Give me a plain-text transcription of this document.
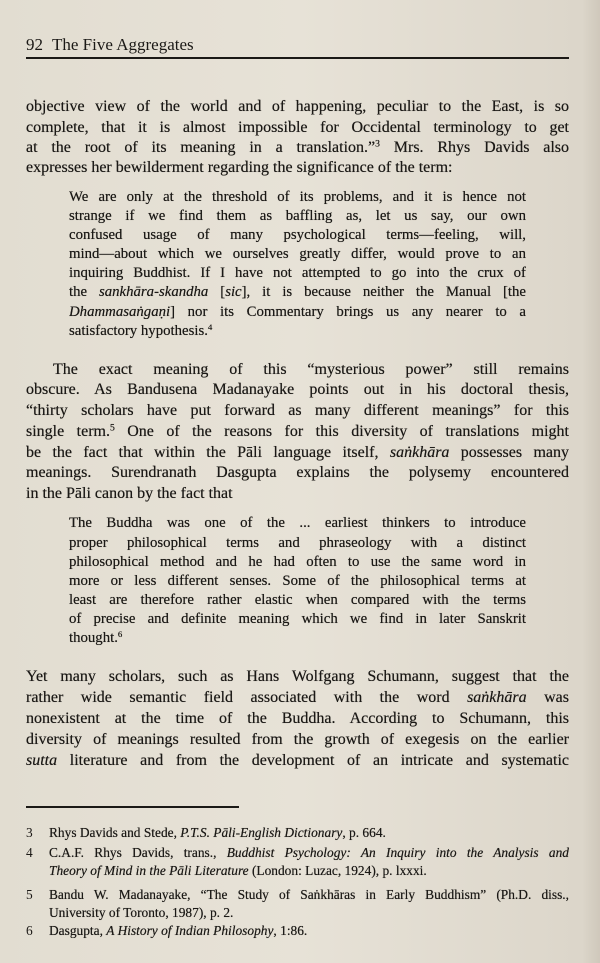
92 The Five Aggregates
objective view of the world and of happening, peculiar to the East, is so
complete, that it is almost impossible for Occidental terminology to get
at the root of its meaning in a translation.”$^3$ Mrs. Rhys Davids also
expresses her bewilderment regarding the significance of the term:
We are only at the threshold of its problems, and it is hence not
strange if we find them as baffling as, let us say, our own
confused usage of many psychological terms—feeling, will,
mind—about which we ourselves greatly differ, would prove to an
inquiring Buddhist. If I have not attempted to go into the crux of
the sankhāra-skandha [sic], it is because neither the Manual [the
Dhammasaṅgaṇi] nor its Commentary brings us any nearer to a
satisfactory hypothesis.$^4$
The exact meaning of this “mysterious power” still remains
obscure. As Bandusena Madanayake points out in his doctoral thesis,
“thirty scholars have put forward as many different meanings” for this
single term.$^5$ One of the reasons for this diversity of translations might
be the fact that within the Pāli language itself, saṅkhāra possesses many
meanings. Surendranath Dasgupta explains the polysemy encountered
in the Pāli canon by the fact that
The Buddha was one of the ... earliest thinkers to introduce
proper philosophical terms and phraseology with a distinct
philosophical method and he had often to use the same word in
more or less different senses. Some of the philosophical terms at
least are therefore rather elastic when compared with the terms
of precise and definite meaning which we find in later Sanskrit
thought.$^6$
Yet many scholars, such as Hans Wolfgang Schumann, suggest that the
rather wide semantic field associated with the word saṅkhāra was
nonexistent at the time of the Buddha. According to Schumann, this
diversity of meanings resulted from the growth of exegesis on the earlier
sutta literature and from the development of an intricate and systematic
3 Rhys Davids and Stede, P.T.S. Pāli-English Dictionary, p. 664.
4 C.A.F. Rhys Davids, trans., Buddhist Psychology: An Inquiry into the Analysis and
Theory of Mind in the Pāli Literature (London: Luzac, 1924), p. lxxxi.
5 Bandu W. Madanayake, “The Study of Saṅkhāras in Early Buddhism” (Ph.D. diss.,
University of Toronto, 1987), p. 2.
6 Dasgupta, A History of Indian Philosophy, 1:86.
